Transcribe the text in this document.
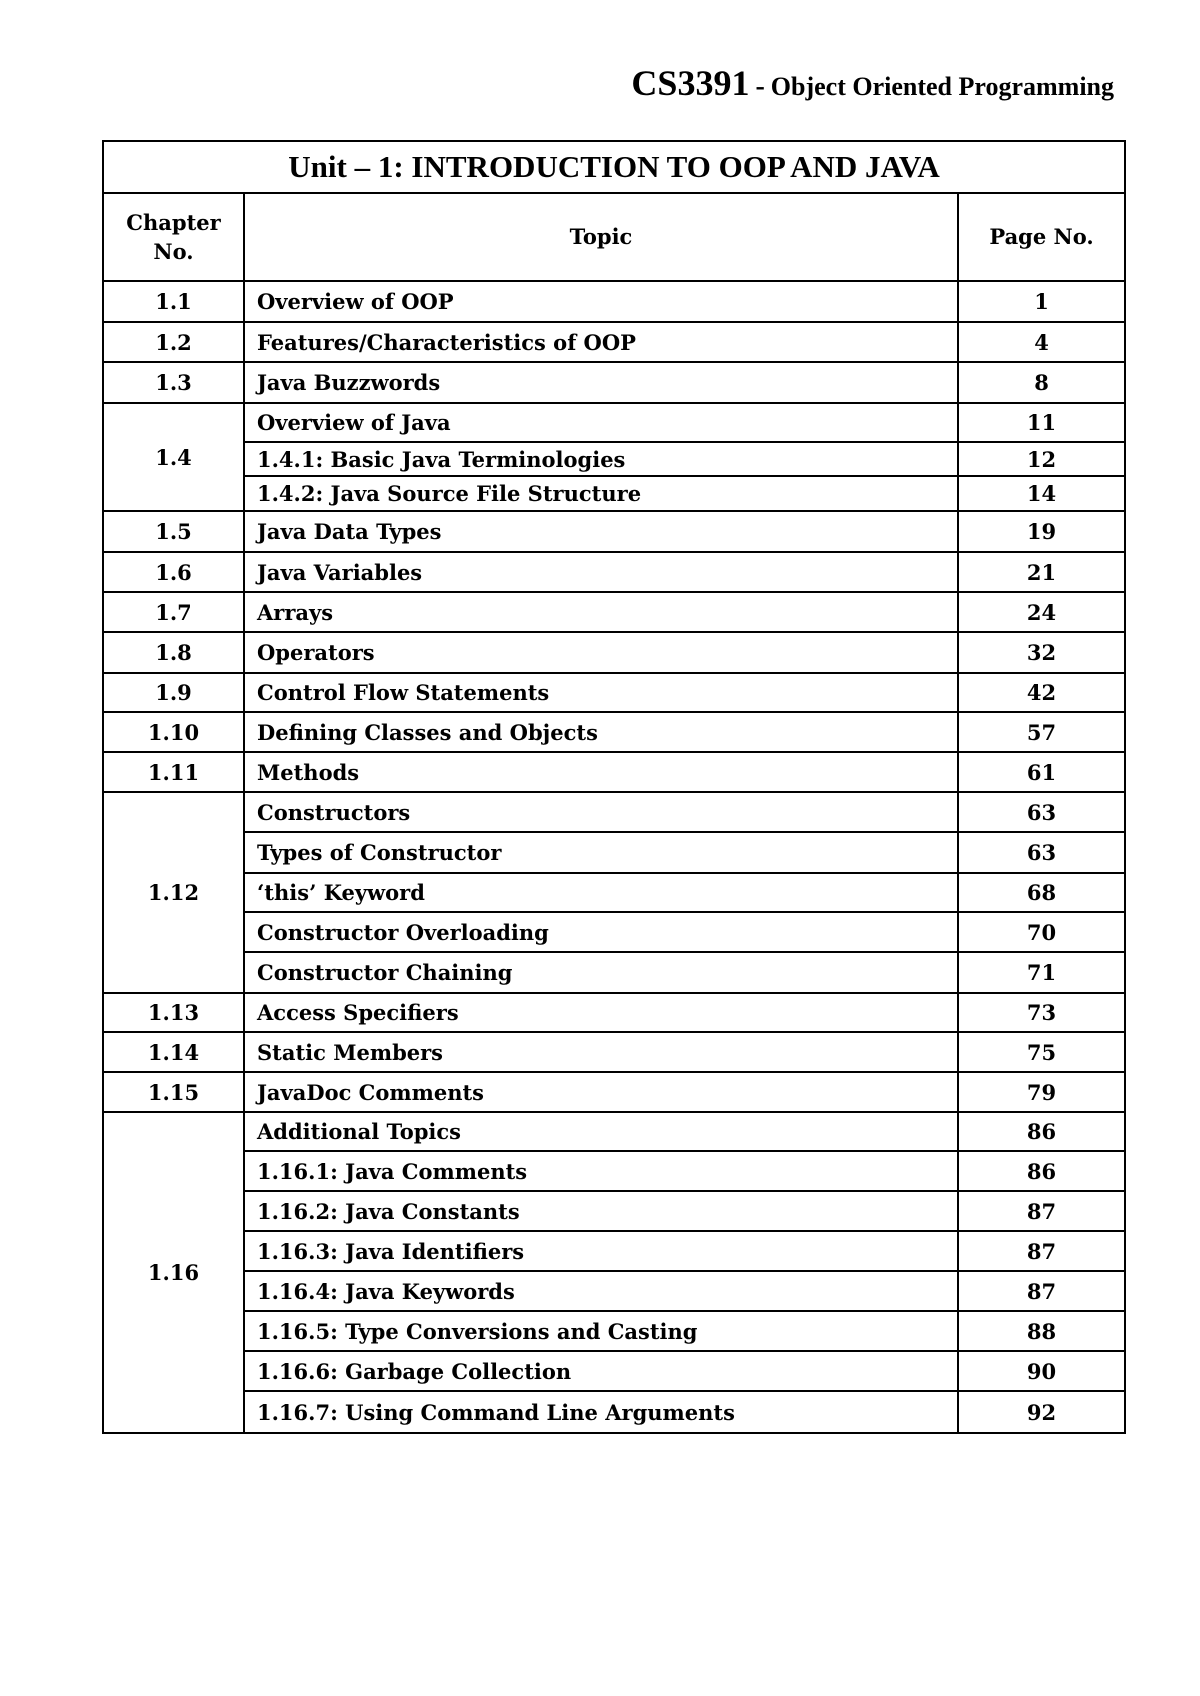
CS3391 - Object Oriented Programming
Unit – 1: INTRODUCTION TO OOP AND JAVA		
Chapter
No.	Topic	Page No.
1.1	Overview of OOP	1
1.2	Features/Characteristics of OOP	4
1.3	Java Buzzwords	8
1.4	Overview of Java	11
	1.4.1: Basic Java Terminologies	12
	1.4.2: Java Source File Structure	14
1.5	Java Data Types	19
1.6	Java Variables	21
1.7	Arrays	24
1.8	Operators	32
1.9	Control Flow Statements	42
1.10	Defining Classes and Objects	57
1.11	Methods	61
1.12	Constructors	63
	Types of Constructor	63
	‘this’ Keyword	68
	Constructor Overloading	70
	Constructor Chaining	71
1.13	Access Specifiers	73
1.14	Static Members	75
1.15	JavaDoc Comments	79
1.16	Additional Topics	86
	1.16.1: Java Comments	86
	1.16.2: Java Constants	87
	1.16.3: Java Identifiers	87
	1.16.4: Java Keywords	87
	1.16.5: Type Conversions and Casting	88
	1.16.6: Garbage Collection	90
	1.16.7: Using Command Line Arguments	92
